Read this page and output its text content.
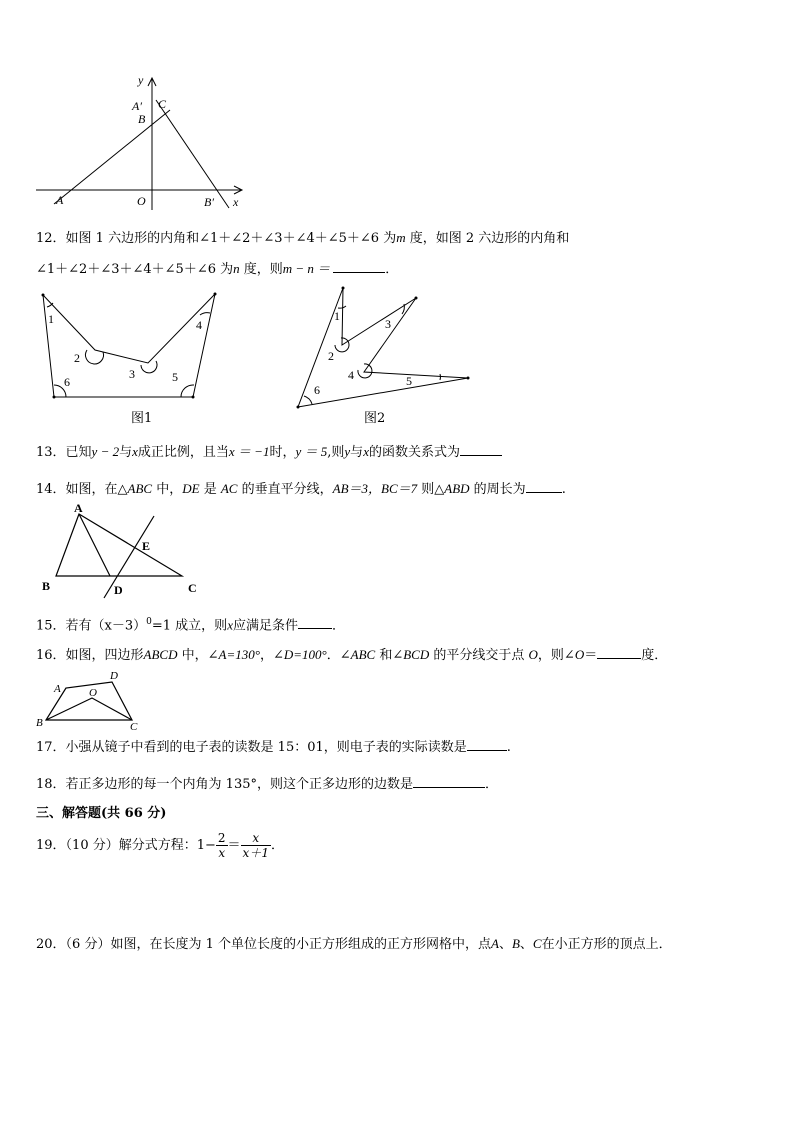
y
x
A′ C
B
A	O	B′
12．如图 1 六边形的内角和∠1＋∠2＋∠3＋∠4＋∠5＋∠6 为m 度，如图 2 六边形的内角和
∠1＋∠2＋∠3＋∠4＋∠5＋∠6 为n 度，则m − n ＝	．
1
2
3
4
5
6
图1
1
2
3
4	5
6
图2
13．已知y − 2与x成正比例，且当x ＝ −1时，y ＝ 5,则y与x的函数关系式为
14．如图，在△ABC 中，DE 是 AC 的垂直平分线，AB＝3，BC＝7 则△ABD 的周长为	.
A
B	C
D
E
15．若有$(x-3)^0=1$ 成立，则x应满足条件	．
16．如图，四边形ABCD 中，∠A=130°，∠D=100°．∠ABC 和∠BCD 的平分线交于点 O，则∠O＝	度．
A
B	C
D
O
17．小强从镜子中看到的电子表的读数是 15：01，则电子表的实际读数是	.
18．若正多边形的每一个内角为 135°，则这个正多边形的边数是	．
三、解答题(共 66 分)
19．（10 分）解分式方程：$1- \frac{2}{x} = \frac{x}{x+1}$ ．
20．（6 分）如图，在长度为 1 个单位长度的小正方形组成的正方形网格中，点A、B、C在小正方形的顶点上．
